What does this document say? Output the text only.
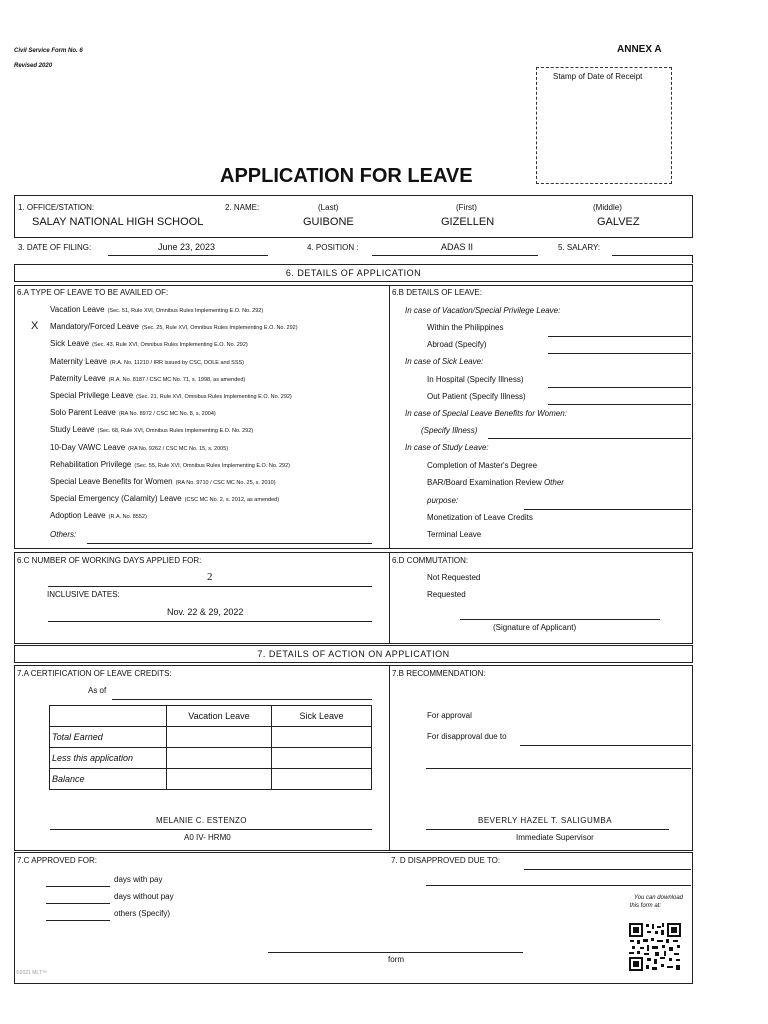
Civil Service Form No. 6
Revised 2020
ANNEX A
Stamp of Date of Receipt
APPLICATION FOR LEAVE
1. OFFICE/STATION:
SALAY NATIONAL HIGH SCHOOL
2. NAME:	(Last)	(First)	(Middle)
GUIBONE	GIZELLEN	GALVEZ
3. DATE OF FILING:	June 23, 2023	4. POSITION :	ADAS II	5. SALARY:
6. DETAILS OF APPLICATION
6.A TYPE OF LEAVE TO BE AVAILED OF:
Vacation Leave (Sec. 51, Rule XVI, Omnibus Rules Implementing E.O. No. 292)
Mandatory/Forced Leave (Sec. 25, Rule XVI, Omnibus Rules Implementing E.O. No. 292)
X
Sick Leave (Sec. 43, Rule XVI, Omnibus Rules Implementing E.O. No. 292)
Maternity Leave (R.A. No. 11210 / IRR issued by CSC, DOLE and SSS)
Paternity Leave (R.A. No. 8187 / CSC MC No. 71, s. 1998, as amended)
Special Privilege Leave (Sec. 21, Rule XVI, Omnibus Rules Implementing E.O. No. 292)
Solo Parent Leave (RA No. 8972 / CSC MC No. 8, s. 2004)
Study Leave (Sec. 68, Rule XVI, Omnibus Rules Implementing E.O. No. 292)
10-Day VAWC Leave (RA No. 9262 / CSC MC No. 15, s. 2005)
Rehabilitation Privilege (Sec. 55, Rule XVI, Omnibus Rules Implementing E.O. No. 292)
Special Leave Benefits for Women (RA No. 9710 / CSC MC No. 25, s. 2010)
Special Emergency (Calamity) Leave (CSC MC No. 2, s. 2012, as amended)
Adoption Leave (R.A. No. 8552)
Others:
6.B DETAILS OF LEAVE:
In case of Vacation/Special Privilege Leave:
Within the Philippines
Abroad (Specify)
In case of Sick Leave:
In Hospital (Specify Illness)
Out Patient (Specify Illness)
In case of Special Leave Benefits for Women:
(Specify Illness)
In case of Study Leave:
Completion of Master's Degree
BAR/Board Examination Review Other
purpose:
Monetization of Leave Credits
Terminal Leave
6.C NUMBER OF WORKING DAYS APPLIED FOR:
2
INCLUSIVE DATES:
Nov. 22 & 29, 2022
6.D COMMUTATION:
Not Requested
Requested
(Signature of Applicant)
7. DETAILS OF ACTION ON APPLICATION
7.A CERTIFICATION OF LEAVE CREDITS:
As of
	Vacation Leave	Sick Leave
Total Earned		
Less this application		
Balance		
MELANIE C. ESTENZO
A0 IV- HRM0
7.B RECOMMENDATION:
For approval
For disapproval due to
BEVERLY HAZEL T. SALIGUMBA
Immediate Supervisor
7.C APPROVED FOR:
days with pay
days without pay
others (Specify)
7. D DISAPPROVED DUE TO:
You can download
this form at:
form
©2021 MLT™
